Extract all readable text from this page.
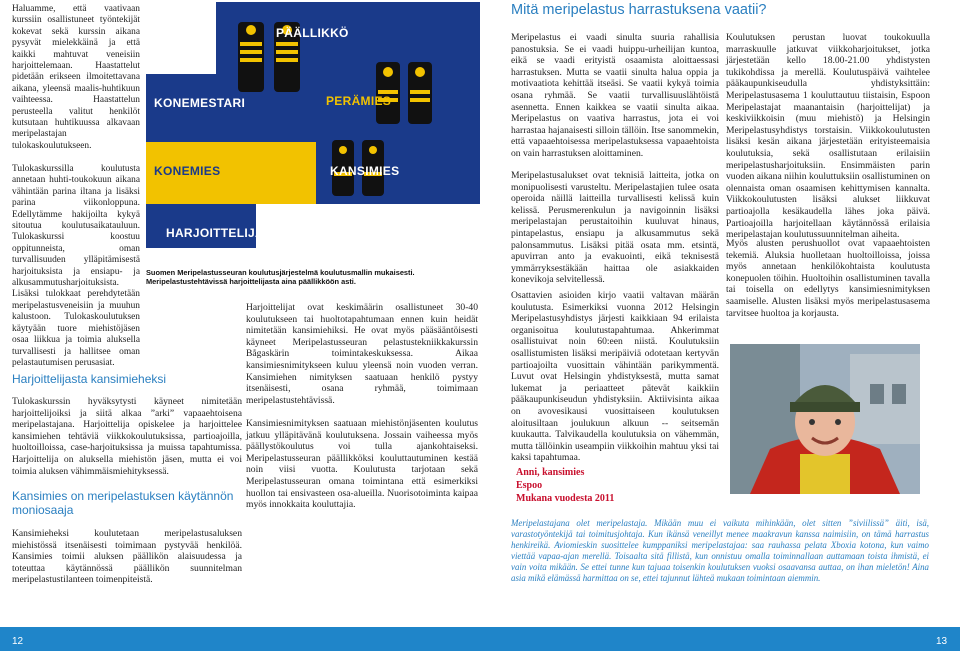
Haluamme, että vaativaan kurssiin osallistuneet työntekijät kokevat sekä kurssin aikana pysyvät mielekkäinä ja että kaikki mahtuvat veneisiin harjoittelemaan. Haastattelut pidetään erikseen ilmoitettavana aikana, yleensä maalis-huhtikuun vaihteessa. Haastattelun perusteella valitut henkilöt kutsutaan huhtikuussa alkavaan meripelastajan tulokaskoulutukseen.

Tulokaskurssilla koulutusta annetaan huhti-toukokuun aikana vähintään parina iltana ja lisäksi parina viikonloppuna. Edellytämme hakijoilta kykyä sitoutua koulutusaikatauluun. Tulokaskurssi koostuu oppitunneista, oman turvallisuuden ylläpitämisestä harjoituksista ja ensiapu- ja alkusammutusharjoituksista. Lisäksi tulokkaat perehdytetään meripelastusveneisiin ja muuhun kalustoon. Tulokaskoulutuksen käytyään tuore miehistöjäsen osaa liikkua ja toimia aluksella turvallisesti ja hallitsee oman pelastautumisen perusasiat.

Harjoittelijasta kansimieheksi

Tulokaskurssin hyväksytysti käyneet nimitetään harjoittelijoiksi ja siitä alkaa ”arki” vapaaehtoisena meripelastajana. Harjoittelija opiskelee ja harjoittelee kansimiehen tehtäviä viikkokoulutuksissa, partioajoilla, huoltoilloissa, case-harjoituksissa ja muissa tapahtumissa. Harjoittelija on aluksella miehistön jäsen, mutta ei voi toimia aluksen vähimmäismiehityksessä.

Kansimies on meripelastuksen käytännön moniosaaja

Kansimieheksi koulutetaan meripelastusaluksen miehistössä itsenäisesti toimimaan pystyvää henkilöä. Kansimies toimii aluksen päällikön alaisuudessa ja toteuttaa käytännössä päällikön suunnitelman meripelastustilanteen toimenpiteistä.

PÄÄLLIKKÖ
KONEMESTARI	PERÄMIES
KONEMIES	KANSIMIES
HARJOITTELIJA

Suomen Meripelastusseuran koulutusjärjestelmä koulutusmallin mukaisesti. Meripelastustehtävissä harjoittelijasta aina päällikköön asti.

Harjoittelijat ovat keskimäärin osallistuneet 30-40 koulutukseen tai huoltotapahtumaan ennen kuin heidät nimitetään kansimiehiksi. He ovat myös pääsääntöisesti käyneet Meripelastusseuran pelastustekniikkakurssin Bågaskärin toimintakeskuksessa. Aikaa kansimiesnimitykseen kuluu yleensä noin vuoden verran. Kansimiehen nimityksen saatuaan henkilö pystyy itsenäisesti, osana ryhmää, toimimaan meripelastustehtävissä.

Kansimiesnimityksen saatuaan miehistönjäsenten koulutus jatkuu ylläpitävänä koulutuksena. Jossain vaiheessa myös päällystökoulutus voi tulla ajankohtaiseksi. Meripelastusseuran päällikköksi kouluttautuminen kestää noin viisi vuotta. Koulutusta tarjotaan sekä Meripelastusseuran omana toimintana että esimerkiksi huollon tai ensivasteen osa-alueilla. Nuorisotoiminta kaipaa myös innokkaita kouluttajia.

Mitä meripelastus harrastuksena vaatii?

Meripelastus ei vaadi sinulta suuria rahallisia panostuksia. Se ei vaadi huippu-urheilijan kuntoa, eikä se vaadi erityistä osaamista aloittaessasi harrastuksen. Mutta se vaatii sinulta halua oppia ja motivaatiota kehittää itseäsi. Se vaatii kykyä toimia osana ryhmää. Se vaatii turvallisuuslähtöistä asennetta. Ennen kaikkea se vaatii sinulta aikaa. Meripelastus on vaativa harrastus, jota ei voi harrastaa hajanaisesti silloin tällöin. Itse sanommekin, että vapaaehtoisessa meripelastuksessa vapaaehtoista on vain harrastuksen aloittaminen.

Meripelastusalukset ovat teknisiä laitteita, jotka on monipuolisesti varusteltu. Meripelastajien tulee osata operoida näillä laitteilla turvallisesti kelissä kuin kelissä. Perusmerenkulun ja navigoinnin lisäksi meripelastajan perustaitoihin kuuluvat hinaus, pintapelastus, ensiapu ja alkusammutus sekä palonsammutus. Lisäksi pitää osata mm. etsintä, apuvirran anto ja evakuointi, eikä teknisestä ymmärryksestäkään haittaa ole asiakkaiden konevikoja selvitellessä.

Osattavien asioiden kirjo vaatii valtavan määrän koulutusta. Esimerkiksi vuonna 2012 Helsingin Meripelastusyhdistys järjesti kaikkiaan 94 erilaista organisoitua koulutustapahtumaa. Ahkerimmat osallistuivat noin 60:een niistä. Koulutuksiin osallistumisten lisäksi meripäiviä odotetaan kertyvän partioajoilta vuosittain vähintään parikymmentä. Luvut ovat Helsingin yhdistyksestä, mutta samat lukemat ja periaatteet pätevät kaikkiin pääkaupunkiseudun yhdistyksiin. Aktiivisinta aikaa on avovesikausi vuosittaiseen koulutuksen aloitusiltaan joulukuun alkuun -- seitsemän kuukautta. Talvikaudella koulutuksia on vähemmän, mutta tällöinkin useampiin viikkoihin mahtuu yksi tai kaksi tapahtumaa.

Koulutuksen perustan luovat toukokuulla marraskuulle jatkuvat viikkoharjoitukset, jotka järjestetään kello 18.00-21.00 yhdistysten tukikohdissa ja merellä. Koulutuspäivä vaihtelee pääkaupunkiseudulla yhdistyksittäin: Meripelastusasema 1 kouluttautuu tiistaisin, Espoon Meripelastajat maanantaisin (harjoittelijat) ja keskiviikkoisin (muu miehistö) ja Helsingin Meripelastusyhdistys torstaisin. Viikkokoulutusten lisäksi kesän aikana järjestetään erityisteemaisia koulutuksia, sekä osallistutaan erilaisiin meripelastusharjoituksiin. Ensimmäisten parin vuoden aikana niihin kouluttuksiin osallistuminen on olennaista oman osaamisen kehittymisen kannalta. Viikkokoulutusten lisäksi alukset liikkuvat partioajolla kesäkaudella lähes joka päivä. Partioajoilla harjoitellaan käytännössä erilaisia meripelastajan koulutussuunnitelman aiheita.

Myös alusten perushuollot ovat vapaaehtoisten tekemiä. Aluksia huolletaan huoltoilloissa, joissa myös annetaan henkilökohtaista koulutusta konepuolen töihin. Huoltoihin osallistuminen tavalla tai toisella on edellytys kansimiesnimityksen saamiselle. Alusten lisäksi myös meripelastusasema tarvitsee huoltoa ja korjausta.

Anni, kansimies
Espoo
Mukana vuodesta 2011

Meripelastajana olet meripelastaja. Mikään muu ei vaikuta mihinkään, olet sitten ”siviilissä” äiti, isä, varastotyöntekijä tai toimitusjohtaja. Kun ikänsä veneillyt menee maakravun kanssa naimisiin, on tämä harrastus henkireikä. Aviomieskin suosittelee kumppaniksi meripelastajaa: saa rauhassa pelata Xboxia kotona, kun vaimo viettää vapaa-ajan merellä. Toisaalta sitä fillistä, kun onnistuu omalla toiminnallaan auttamaan toista ihmistä, ei vain voita mikään. Se ettei tunne kun tajuaa toisenkin koulutuksen vuoksi osaavansa auttaa, on ihan mieletön! Aina asia mikä elämässä harmittaa on se, ettei tajunnut lähteä mukaan toimintaan aiemmin.

12	13
